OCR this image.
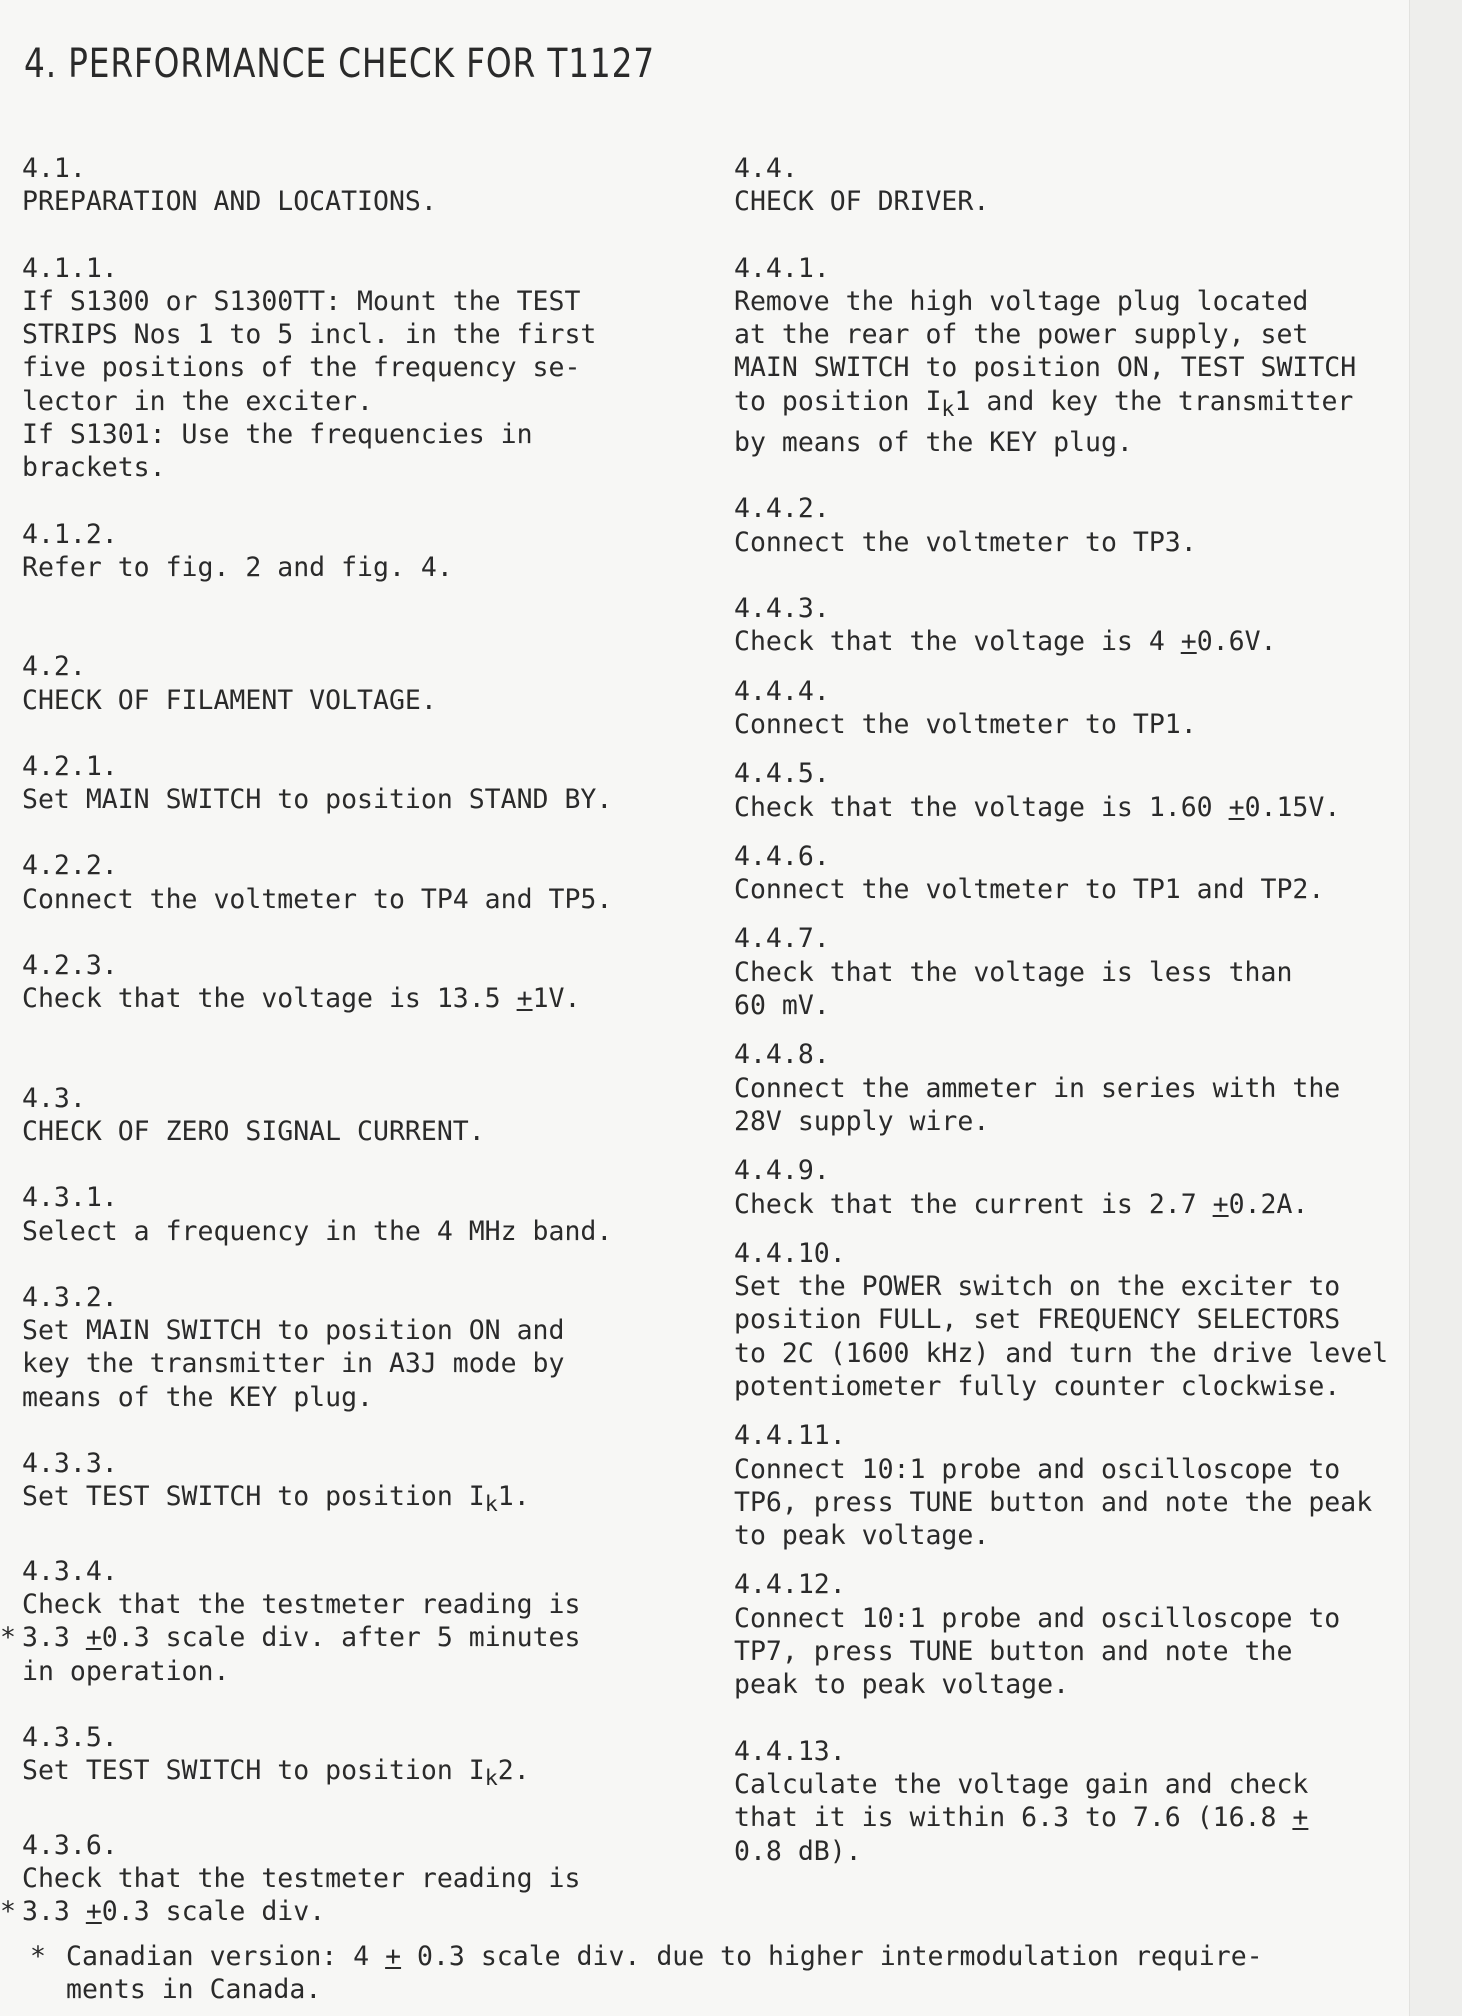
4. PERFORMANCE CHECK FOR T1127
4.1.
PREPARATION AND LOCATIONS.
4.1.1.
If S1300 or S1300TT: Mount the TEST
STRIPS Nos 1 to 5 incl. in the first
five positions of the frequency se-
lector in the exciter.
If S1301: Use the frequencies in
brackets.
4.1.2.
Refer to fig. 2 and fig. 4.
4.2.
CHECK OF FILAMENT VOLTAGE.
4.2.1.
Set MAIN SWITCH to position STAND BY.
4.2.2.
Connect the voltmeter to TP4 and TP5.
4.2.3.
Check that the voltage is 13.5 +1V.
4.3.
CHECK OF ZERO SIGNAL CURRENT.
4.3.1.
Select a frequency in the 4 MHz band.
4.3.2.
Set MAIN SWITCH to position ON and
key the transmitter in A3J mode by
means of the KEY plug.
4.3.3.
Set TEST SWITCH to position $I_k1$.
4.3.4.
Check that the testmeter reading is
* 3.3 +0.3 scale div. after 5 minutes
in operation.
4.3.5.
Set TEST SWITCH to position $I_k2$.
4.3.6.
Check that the testmeter reading is
* 3.3 +0.3 scale div.
4.4.
CHECK OF DRIVER.
4.4.1.
Remove the high voltage plug located
at the rear of the power supply, set
MAIN SWITCH to position ON, TEST SWITCH
to position $I_k1$ and key the transmitter
by means of the KEY plug.
4.4.2.
Connect the voltmeter to TP3.
4.4.3.
Check that the voltage is 4 +0.6V.
4.4.4.
Connect the voltmeter to TP1.
4.4.5.
Check that the voltage is 1.60 +0.15V.
4.4.6.
Connect the voltmeter to TP1 and TP2.
4.4.7.
Check that the voltage is less than
60 mV.
4.4.8.
Connect the ammeter in series with the
28V supply wire.
4.4.9.
Check that the current is 2.7 +0.2A.
4.4.10.
Set the POWER switch on the exciter to
position FULL, set FREQUENCY SELECTORS
to 2C (1600 kHz) and turn the drive level
potentiometer fully counter clockwise.
4.4.11.
Connect 10:1 probe and oscilloscope to
TP6, press TUNE button and note the peak
to peak voltage.
4.4.12.
Connect 10:1 probe and oscilloscope to
TP7, press TUNE button and note the
peak to peak voltage.
4.4.13.
Calculate the voltage gain and check
that it is within 6.3 to 7.6 (16.8 +
0.8 dB).
* Canadian version: 4 + 0.3 scale div. due to higher intermodulation require-
ments in Canada.
